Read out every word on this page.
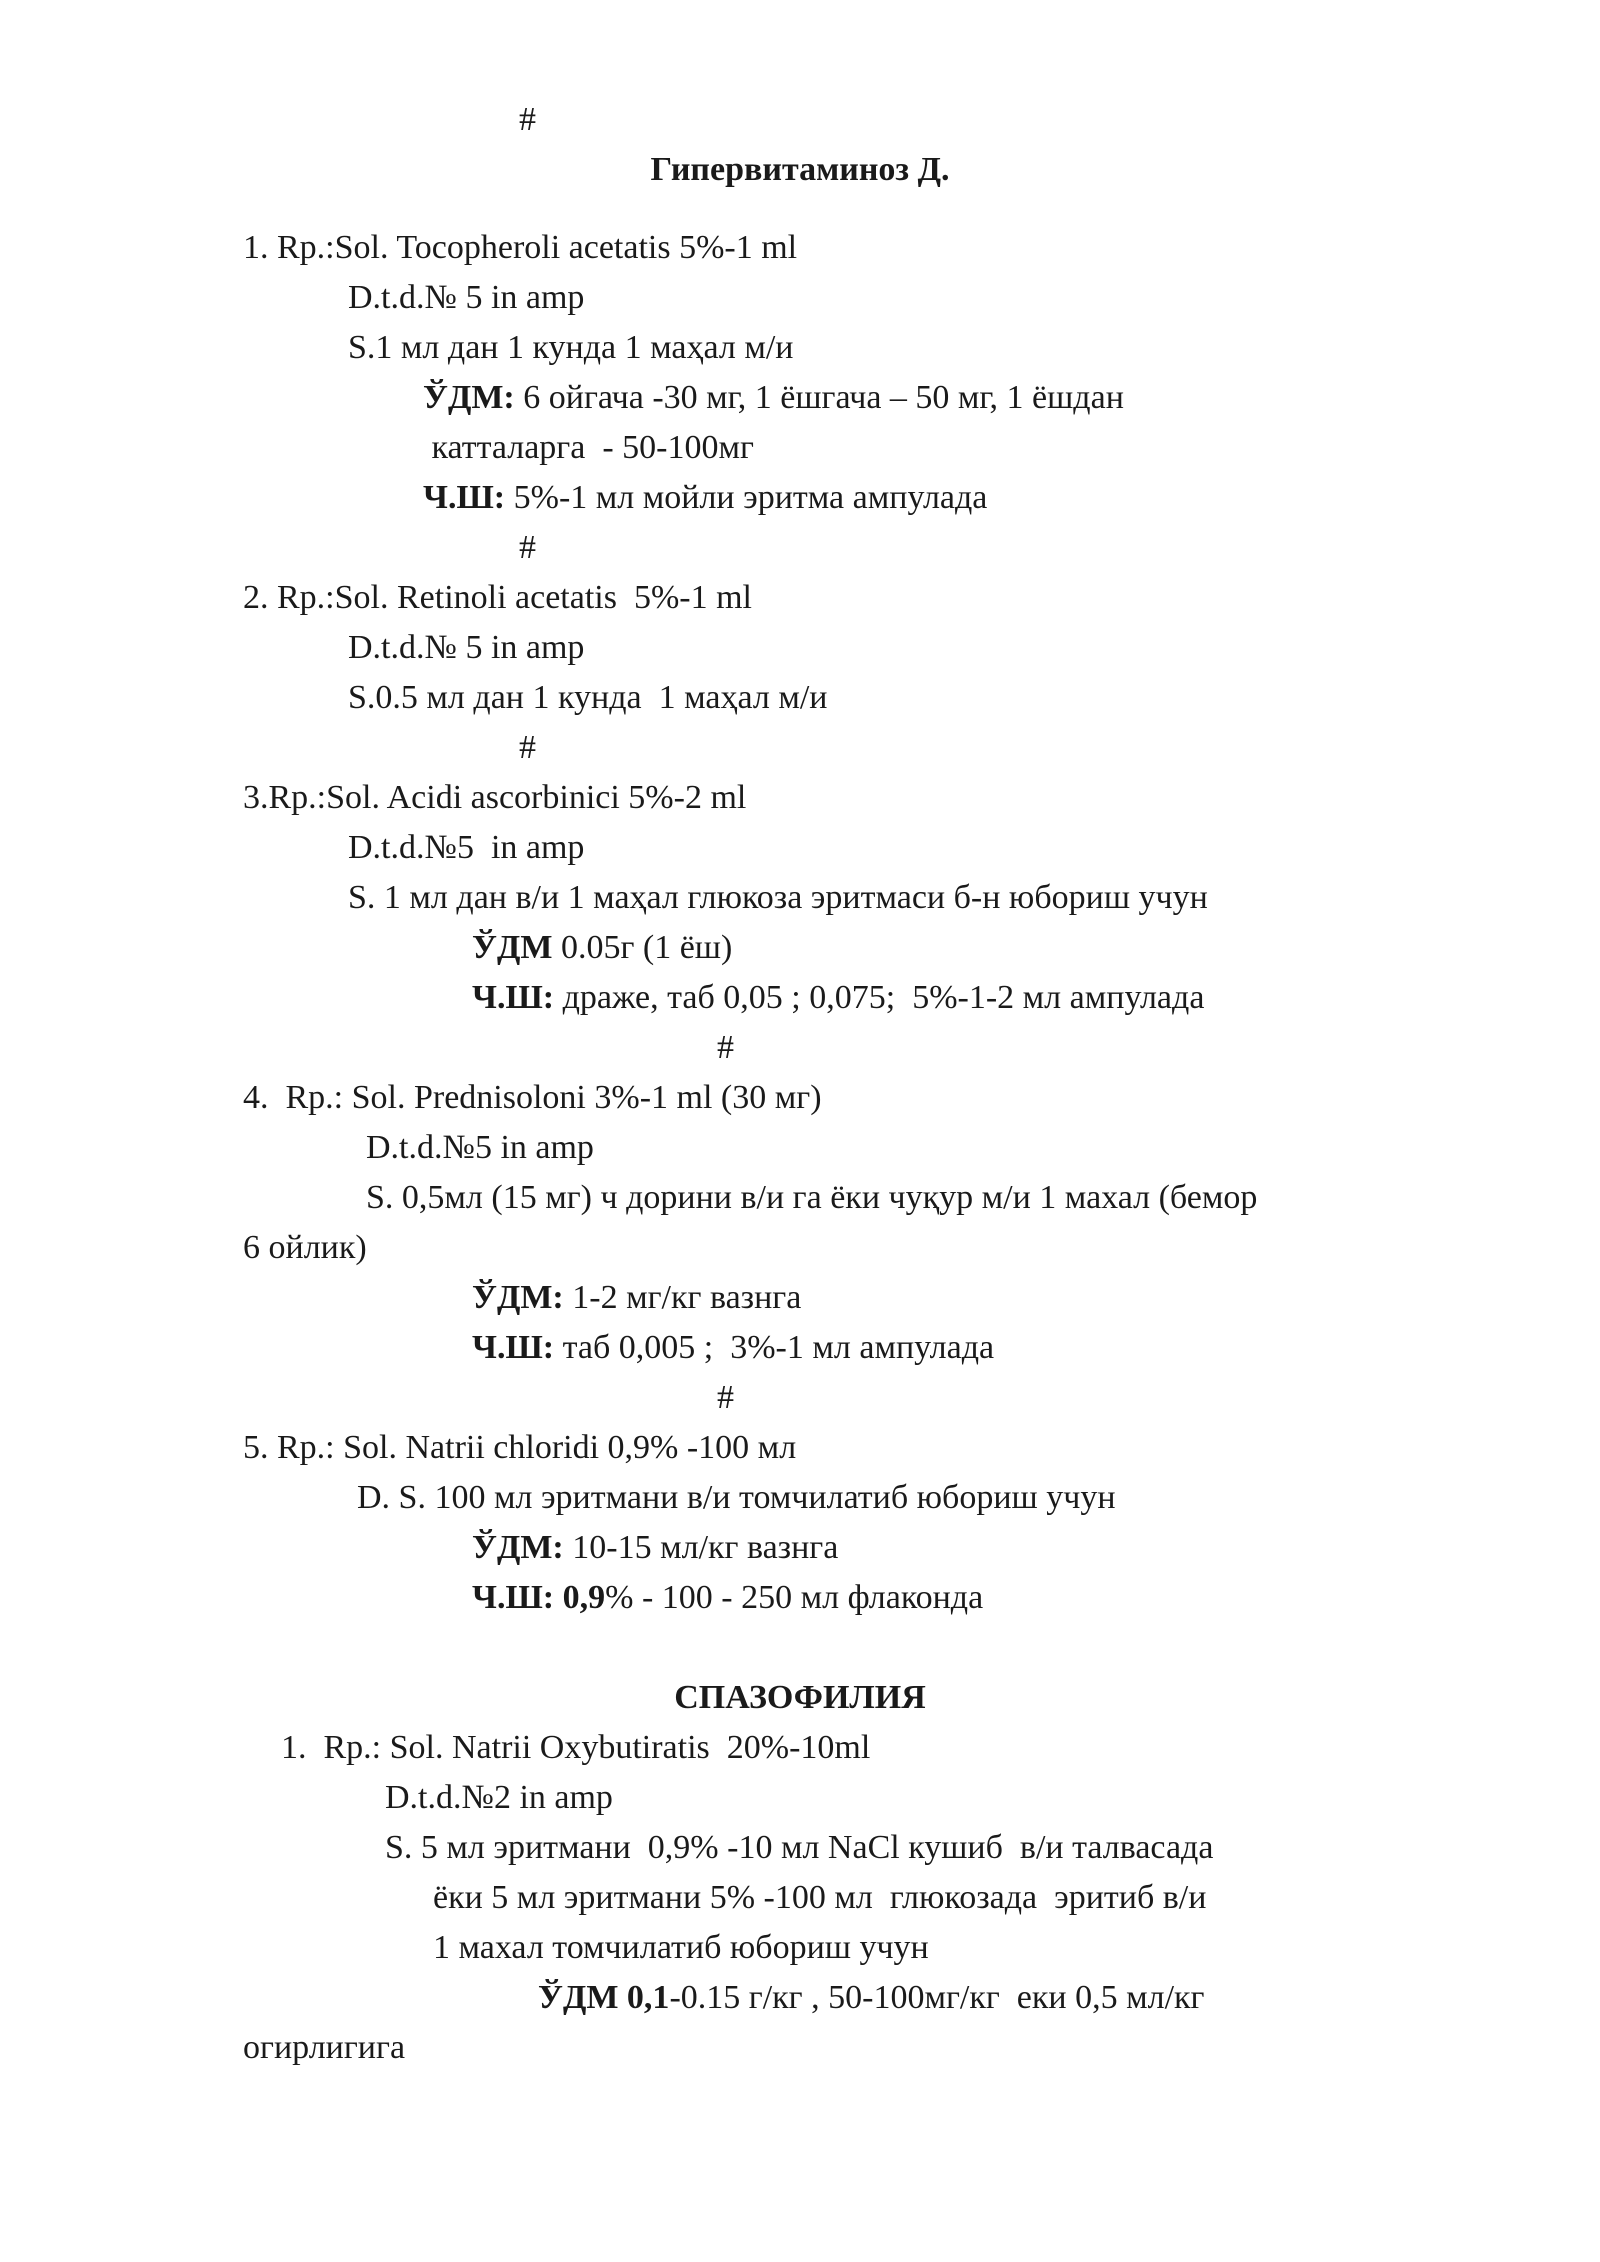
#
Гипервитаминоз Д.
1. Rp.:Sol. Tocopheroli acetatis 5%-1 ml
D.t.d.№ 5 in amp
S.1 мл дан 1 кунда 1 маҳал м/и
ЎДМ: 6 ойгача -30 мг, 1 ёшгача – 50 мг, 1 ёшдан
катталарга  - 50-100мг
Ч.Ш: 5%-1 мл мойли эритма ампулада
#
2. Rp.:Sol. Retinoli acetatis  5%-1 ml
D.t.d.№ 5 in amp
S.0.5 мл дан 1 кунда  1 маҳал м/и
#
3.Rp.:Sol. Acidi ascorbinici 5%-2 ml
D.t.d.№5  in amp
S. 1 мл дан в/и 1 маҳал глюкоза эритмаси б-н юбориш учун
ЎДМ 0.05г (1 ёш)
Ч.Ш: драже, таб 0,05 ; 0,075;  5%-1-2 мл ампулада
#
4.  Rp.: Sol. Prednisoloni 3%-1 ml (30 мг)
D.t.d.№5 in amp
S. 0,5мл (15 мг) ч дорини в/и га ёки чуқур м/и 1 махал (бемор
6 ойлик)
ЎДМ: 1-2 мг/кг вазнга
Ч.Ш: таб 0,005 ;  3%-1 мл ампулада
#
5. Rp.: Sol. Natrii chloridi 0,9% -100 мл
D. S. 100 мл эритмани в/и томчилатиб юбориш учун
ЎДМ: 10-15 мл/кг вазнга
Ч.Ш: 0,9% - 100 - 250 мл флакондa
СПАЗОФИЛИЯ
1.  Rp.: Sol. Natrii Oxybutiratis  20%-10ml
D.t.d.№2 in amp
S. 5 мл эритмани  0,9% -10 мл NaCl кушиб  в/и талвасада
ёки 5 мл эритмани 5% -100 мл  глюкозада  эритиб в/и
1 махал томчилатиб юбориш учун
ЎДМ 0,1-0.15 г/кг , 50-100мг/кг  еки 0,5 мл/кг
огирлигига
